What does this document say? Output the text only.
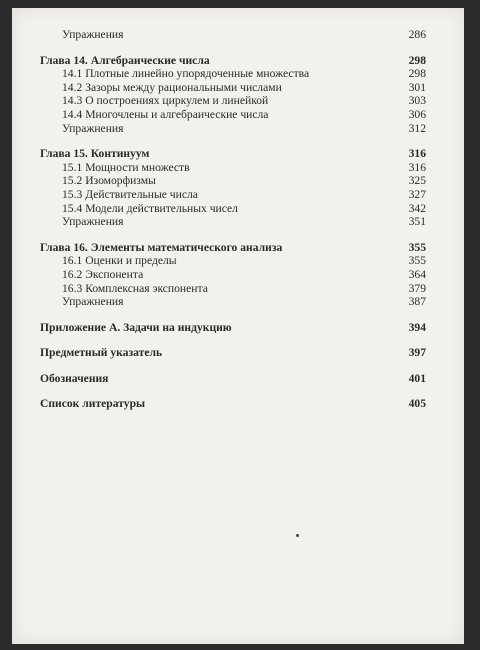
Упражнения	286
Глава 14. Алгебраические числа	298
14.1 Плотные линейно упорядоченные множества	298
14.2 Зазоры между рациональными числами	301
14.3 О построениях циркулем и линейкой	303
14.4 Многочлены и алгебраические числа	306
Упражнения	312
Глава 15. Континуум	316
15.1 Мощности множеств	316
15.2 Изоморфизмы	325
15.3 Действительные числа	327
15.4 Модели действительных чисел	342
Упражнения	351
Глава 16. Элементы математического анализа	355
16.1 Оценки и пределы	355
16.2 Экспонента	364
16.3 Комплексная экспонента	379
Упражнения	387
Приложение А. Задачи на индукцию	394
Предметный указатель	397
Обозначения	401
Список литературы	405
